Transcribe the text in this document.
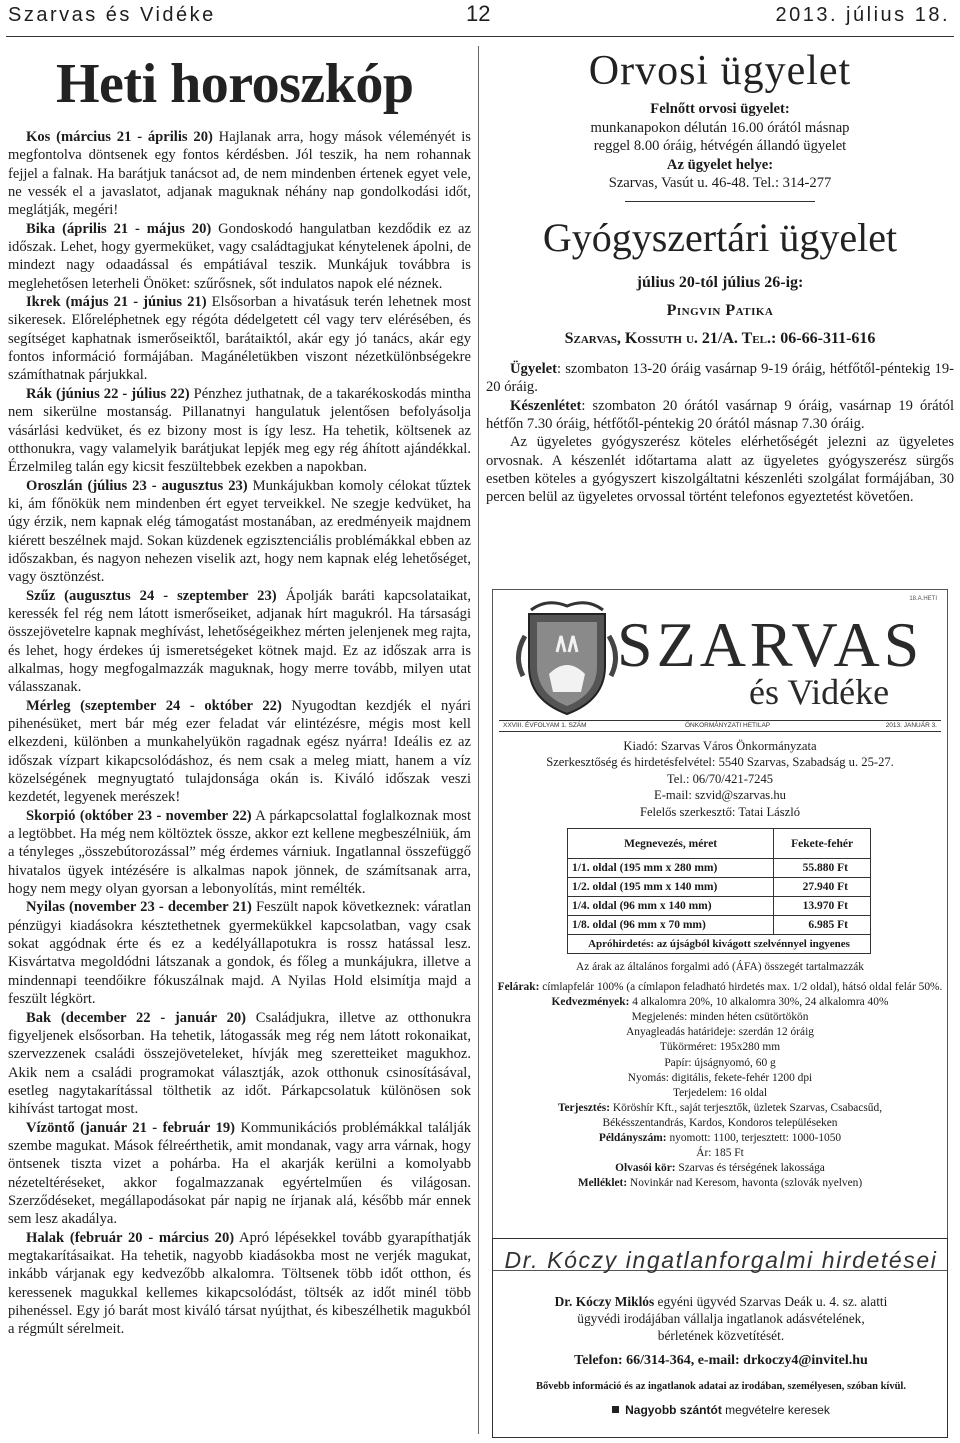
Szarvas és Vidéke	12	2013. július 18.
Heti horoszkóp

Kos (március 21 - április 20) Hajlanak arra, hogy mások véleményét is megfontolva döntsenek egy fontos kérdésben. Jól teszik, ha nem rohannak fejjel a falnak. Ha barátjuk tanácsot ad, de nem mindenben értenek egyet vele, ne vessék el a javaslatot, adjanak maguknak néhány nap gondolkodási időt, meglátják, megéri!

Bika (április 21 - május 20) Gondoskodó hangulatban kezdődik ez az időszak. Lehet, hogy gyermeküket, vagy családtagjukat kénytelenek ápolni, de mindezt nagy odaadással és empátiával teszik. Munkájuk továbbra is meglehetősen leterheli Önöket: szűrősnek, sőt indulatos napok elé néznek.

Ikrek (május 21 - június 21) Elsősorban a hivatásuk terén lehetnek most sikeresek. Előreléphetnek egy régóta dédelgetett cél vagy terv elérésében, és segítséget kaphatnak ismerőseiktől, barátaiktól, akár egy jó tanács, akár egy fontos információ formájában. Magánéletükben viszont nézetkülönbségekre számíthatnak párjukkal.

Rák (június 22 - július 22) Pénzhez juthatnak, de a takarékoskodás mintha nem sikerülne mostanság. Pillanatnyi hangulatuk jelentősen befolyásolja vásárlási kedvüket, és ez bizony most is így lesz. Ha tehetik, költsenek az otthonukra, vagy valamelyik barátjukat lepjék meg egy rég áhított ajándékkal. Érzelmileg talán egy kicsit feszültebbek ezekben a napokban.

Oroszlán (július 23 - augusztus 23) Munkájukban komoly célokat tűztek ki, ám főnökük nem mindenben ért egyet terveikkel. Ne szegje kedvüket, ha úgy érzik, nem kapnak elég támogatást mostanában, az eredményeik majdnem kiérett beszélnek majd. Sokan küzdenek egzisztenciális problémákkal ebben az időszakban, és nagyon nehezen viselik azt, hogy nem kapnak elég lehetőséget, vagy ösztönzést.

Szűz (augusztus 24 - szeptember 23) Ápolják baráti kapcsolataikat, keressék fel rég nem látott ismerőseiket, adjanak hírt magukról. Ha társasági összejövetelre kapnak meghívást, lehetőségeikhez mérten jelenjenek meg rajta, és lehet, hogy érdekes új ismeretségeket kötnek majd. Ez az időszak arra is alkalmas, hogy megfogalmazzák maguknak, hogy merre tovább, milyen utat válasszanak.

Mérleg (szeptember 24 - október 22) Nyugodtan kezdjék el nyári pihenésüket, mert bár még ezer feladat vár elintézésre, mégis most kell elkezdeni, különben a munkahelyükön ragadnak egész nyárra! Ideális ez az időszak vízpart kikapcsolódáshoz, és nem csak a meleg miatt, hanem a víz közelségének megnyugtató tulajdonsága okán is. Kiváló időszak veszi kezdetét, legyenek merészek!

Skorpió (október 23 - november 22) A párkapcsolattal foglalkoznak most a legtöbbet. Ha még nem költöztek össze, akkor ezt kellene megbeszélniük, ám a tényleges „összebútorozással” még érdemes várniuk. Ingatlannal összefüggő hivatalos ügyek intézésére is alkalmas napok jönnek, de számítsanak arra, hogy nem megy olyan gyorsan a lebonyolítás, mint remélték.

Nyilas (november 23 - december 21) Feszült napok következnek: váratlan pénzügyi kiadásokra késztethetnek gyermekükkel kapcsolatban, vagy csak sokat aggódnak érte és ez a kedélyállapotukra is rossz hatással lesz. Kisvártatva megoldódni látszanak a gondok, és főleg a munkájukra, illetve a mindennapi teendőikre fókuszálnak majd. A Nyilas Hold elsimítja majd a feszült légkört.

Bak (december 22 - január 20) Családjukra, illetve az otthonukra figyeljenek elsősorban. Ha tehetik, látogassák meg rég nem látott rokonaikat, szervezzenek családi összejöveteleket, hívják meg szeretteiket magukhoz. Akik nem a családi programokat választják, azok otthonuk csinosításával, esetleg nagytakarítással tölthetik az időt. Párkapcsolatuk különösen sok kihívást tartogat most.

Vízöntő (január 21 - február 19) Kommunikációs problémákkal találják szembe magukat. Mások félreérthetik, amit mondanak, vagy arra várnak, hogy öntsenek tiszta vizet a pohárba. Ha el akarják kerülni a komolyabb nézeteltéréseket, akkor fogalmazzanak egyértelműen és világosan. Szerződéseket, megállapodásokat pár napig ne írjanak alá, később már ennek sem lesz akadálya.

Halak (február 20 - március 20) Apró lépésekkel tovább gyarapíthatják megtakarításaikat. Ha tehetik, nagyobb kiadásokba most ne verjék magukat, inkább várjanak egy kedvezőbb alkalomra. Töltsenek több időt otthon, és keressenek magukkal kellemes kikapcsolódást, töltsék az időt minél több pihenéssel. Egy jó barát most kiváló társat nyújthat, és kibeszélhetik magukból a régmúlt sérelmeit.

Orvosi ügyelet
Felnőtt orvosi ügyelet:
munkanapokon délután 16.00 órától másnap
reggel 8.00 óráig, hétvégén állandó ügyelet
Az ügyelet helye:
Szarvas, Vasút u. 46-48. Tel.: 314-277
Gyógyszertári ügyelet
július 20-tól július 26-ig:
Pingvin Patika
Szarvas, Kossuth u. 21/A. Tel.: 06-66-311-616

Ügyelet: szombaton 13-20 óráig vasárnap 9-19 óráig, hétfőtől-péntekig 19-20 óráig.

Készenlétet: szombaton 20 órától vasárnap 9 óráig, vasárnap 19 órától hétfőn 7.30 óráig, hétfőtől-péntekig 20 órától másnap 7.30 óráig.

Az ügyeletes gyógyszerész köteles elérhetőségét jelezni az ügyeletes orvosnak. A készenlét időtartama alatt az ügyeletes gyógyszerész sürgős esetben köteles a gyógyszert kiszolgáltatni készenléti szolgálat formájában, 30 percen belül az ügyeletes orvossal történt telefonos egyeztetést követően.

18.A.HETI
SZARVAS
és Vidéke
XXVIII. ÉVFOLYAM 1. SZÁM	ÖNKORMÁNYZATI HETILAP	2013. JANUÁR 3.
Kiadó: Szarvas Város Önkormányzata
Szerkesztőség és hirdetésfelvétel: 5540 Szarvas, Szabadság u. 25-27.
Tel.: 06/70/421-7245
E-mail: szvid@szarvas.hu
Felelős szerkesztő: Tatai László
Megnevezés, méret	Fekete-fehér
1/1. oldal (195 mm x 280 mm)	55.880 Ft
1/2. oldal (195 mm x 140 mm)	27.940 Ft
1/4. oldal (96 mm x 140 mm)	13.970 Ft
1/8. oldal (96 mm x 70 mm)	6.985 Ft
Apróhirdetés: az újságból kivágott szelvénnyel ingyenes	
Az árak az általános forgalmi adó (ÁFA) összegét tartalmazzák
Felárak: címlapfelár 100% (a címlapon feladható hirdetés max. 1/2 oldal), hátsó oldal felár 50%.
Kedvezmények: 4 alkalomra 20%, 10 alkalomra 30%, 24 alkalomra 40%
Megjelenés: minden héten csütörtökön
Anyagleadás határideje: szerdán 12 óráig
Tükörméret: 195x280 mm
Papír: újságnyomó, 60 g
Nyomás: digitális, fekete-fehér 1200 dpi
Terjedelem: 16 oldal
Terjesztés: Köröshír Kft., saját terjesztők, üzletek Szarvas, Csabacsűd,
Békésszentandrás, Kardos, Kondoros településeken
Példányszám: nyomott: 1100, terjesztett: 1000-1050
Ár: 185 Ft
Olvasói kör: Szarvas és térségének lakossága
Melléklet: Novinkár nad Keresom, havonta (szlovák nyelven)
Dr. Kóczy ingatlanforgalmi hirdetései
Dr. Kóczy Miklós egyéni ügyvéd Szarvas Deák u. 4. sz. alatti
ügyvédi irodájában vállalja ingatlanok adásvételének,
bérletének közvetítését.
Telefon: 66/314-364, e-mail: drkoczy4@invitel.hu
Bővebb információ és az ingatlanok adatai az irodában, személyesen, szóban kívül.
Nagyobb szántót megvételre keresek
